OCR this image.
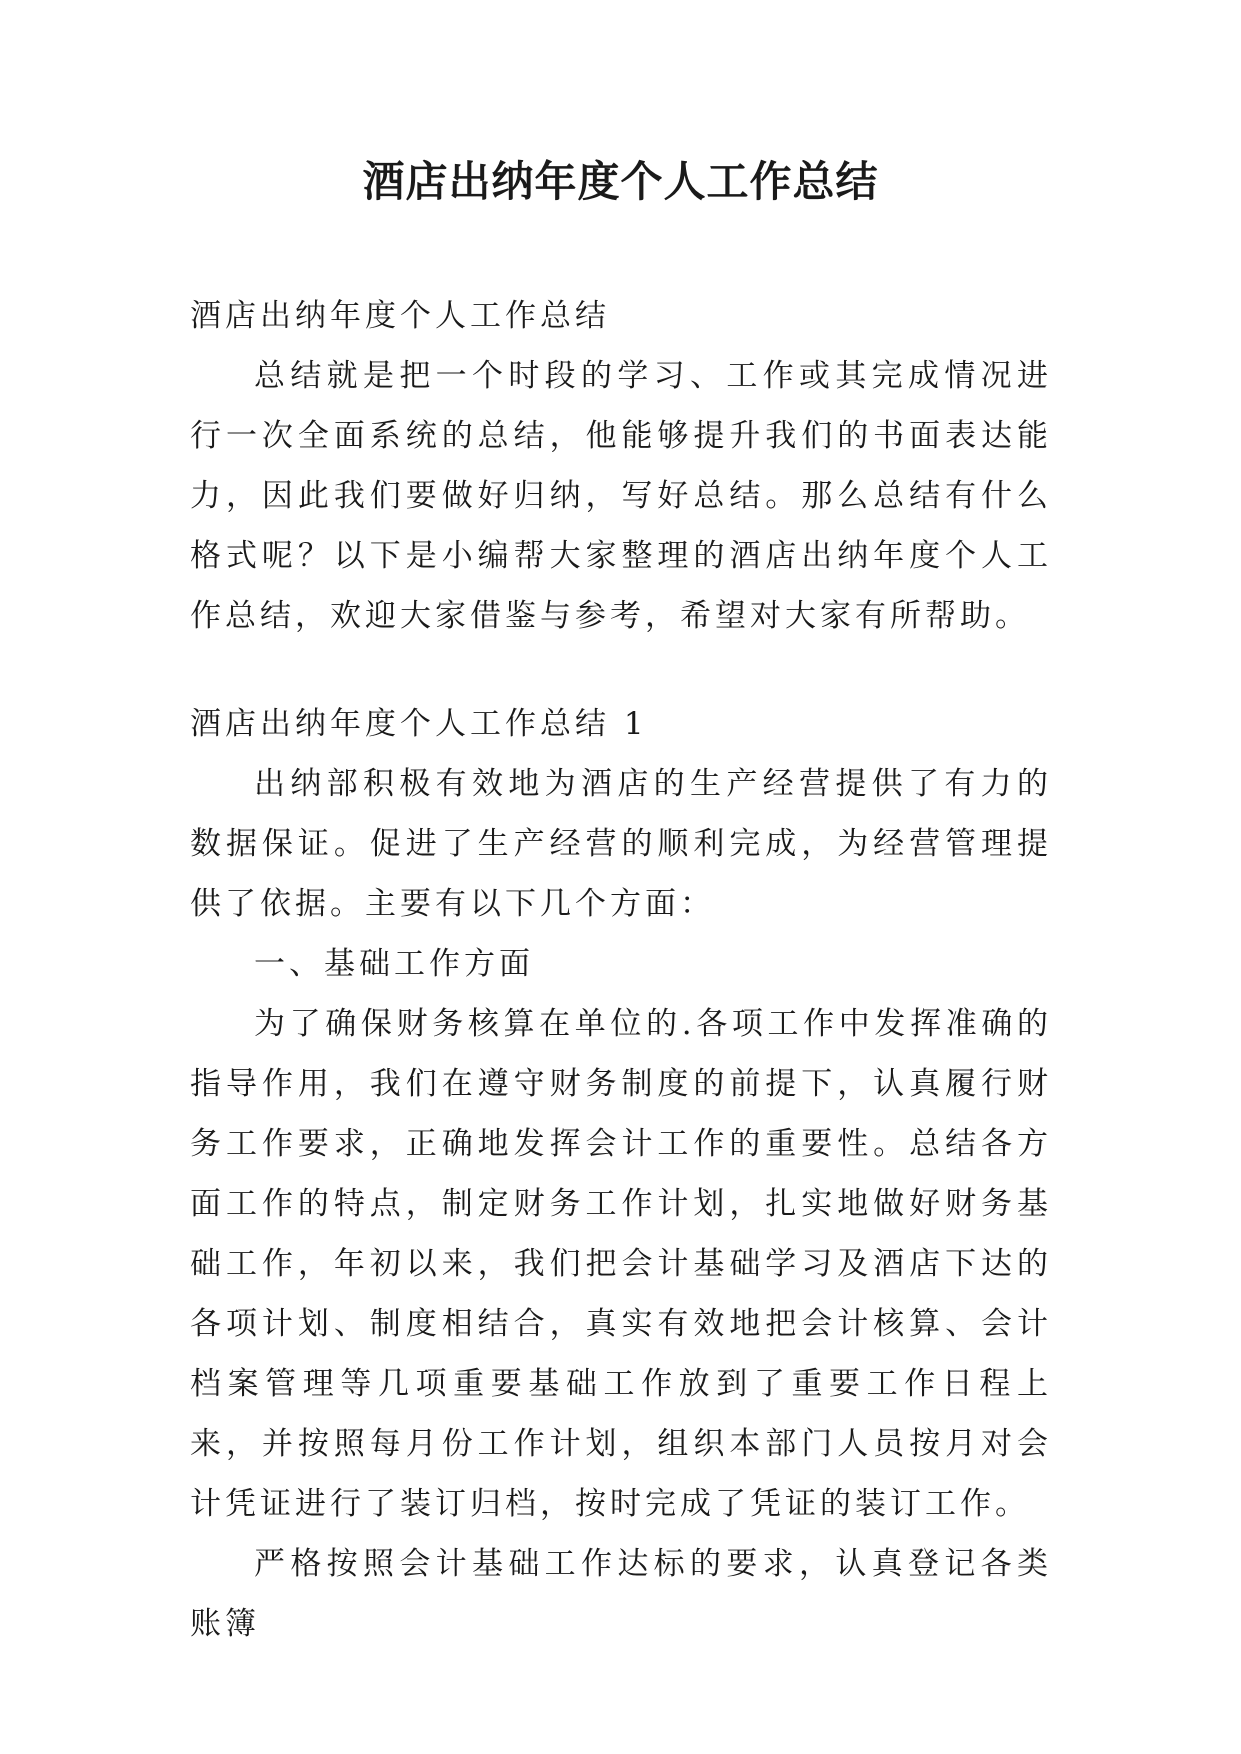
酒店出纳年度个人工作总结

酒店出纳年度个人工作总结

总结就是把一个时段的学习、工作或其完成情况进行一次全面系统的总结，他能够提升我们的书面表达能力，因此我们要做好归纳，写好总结。那么总结有什么格式呢？以下是小编帮大家整理的酒店出纳年度个人工作总结，欢迎大家借鉴与参考，希望对大家有所帮助。

酒店出纳年度个人工作总结 1

出纳部积极有效地为酒店的生产经营提供了有力的数据保证。促进了生产经营的顺利完成，为经营管理提供了依据。主要有以下几个方面：

一、基础工作方面

为了确保财务核算在单位的.各项工作中发挥准确的指导作用，我们在遵守财务制度的前提下，认真履行财务工作要求，正确地发挥会计工作的重要性。总结各方面工作的特点，制定财务工作计划，扎实地做好财务基础工作，年初以来，我们把会计基础学习及酒店下达的各项计划、制度相结合，真实有效地把会计核算、会计档案管理等几项重要基础工作放到了重要工作日程上来，并按照每月份工作计划，组织本部门人员按月对会计凭证进行了装订归档，按时完成了凭证的装订工作。

严格按照会计基础工作达标的要求，认真登记各类账簿
